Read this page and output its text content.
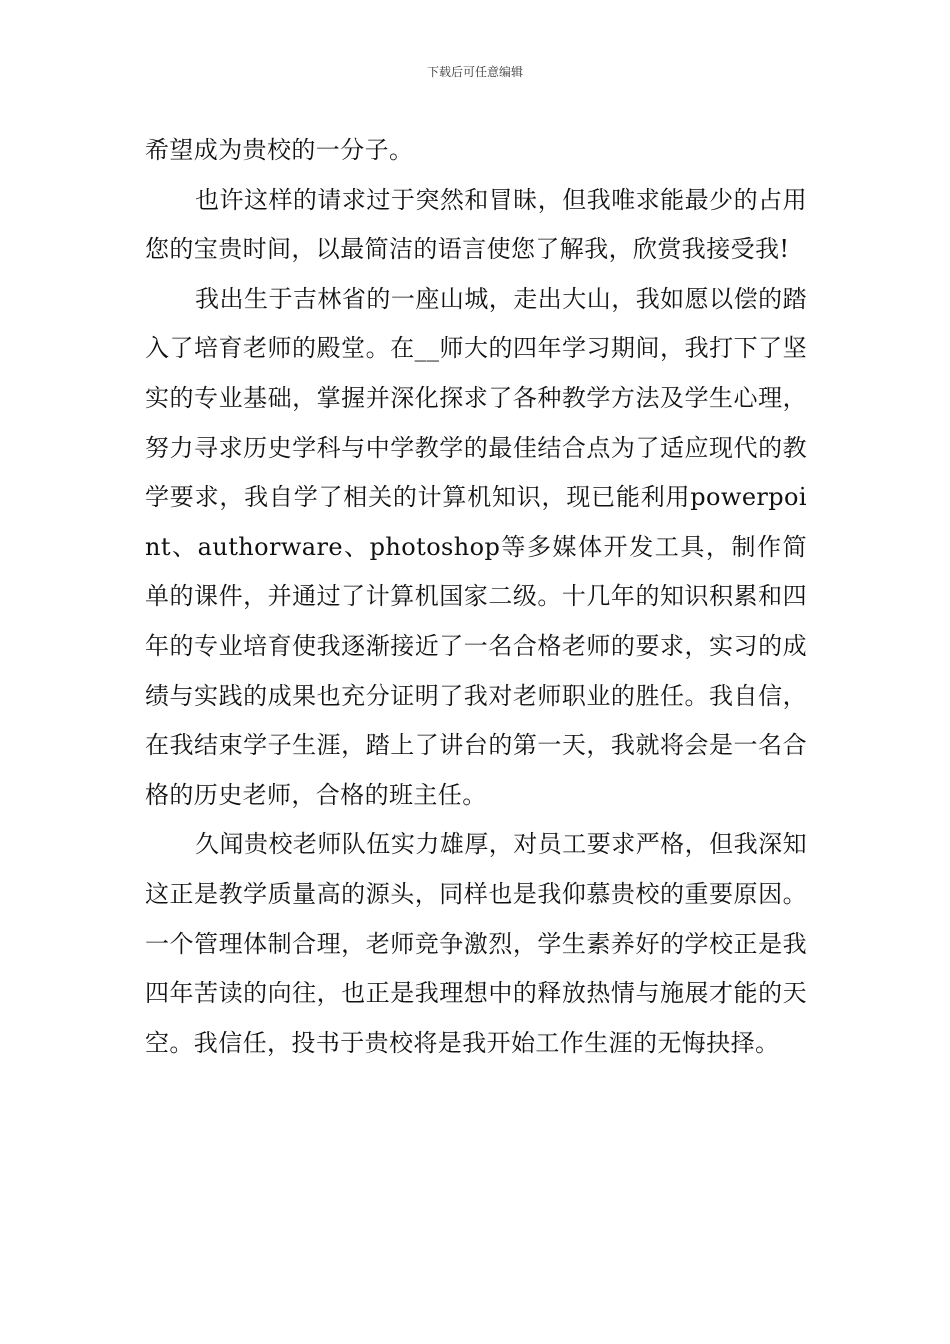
下载后可任意编辑

希望成为贵校的一分子。

也许这样的请求过于突然和冒昧，但我唯求能最少的占用您的宝贵时间，以最简洁的语言使您了解我，欣赏我接受我!

我出生于吉林省的一座山城，走出大山，我如愿以偿的踏入了培育老师的殿堂。在__师大的四年学习期间，我打下了坚实的专业基础，掌握并深化探求了各种教学方法及学生心理，努力寻求历史学科与中学教学的最佳结合点为了适应现代的教学要求，我自学了相关的计算机知识，现已能利用powerpoint、authorware、photoshop等多媒体开发工具，制作简单的课件，并通过了计算机国家二级。十几年的知识积累和四年的专业培育使我逐渐接近了一名合格老师的要求，实习的成绩与实践的成果也充分证明了我对老师职业的胜任。我自信，在我结束学子生涯，踏上了讲台的第一天，我就将会是一名合格的历史老师，合格的班主任。

久闻贵校老师队伍实力雄厚，对员工要求严格，但我深知这正是教学质量高的源头，同样也是我仰慕贵校的重要原因。一个管理体制合理，老师竞争激烈，学生素养好的学校正是我四年苦读的向往，也正是我理想中的释放热情与施展才能的天空。我信任，投书于贵校将是我开始工作生涯的无悔抉择。
